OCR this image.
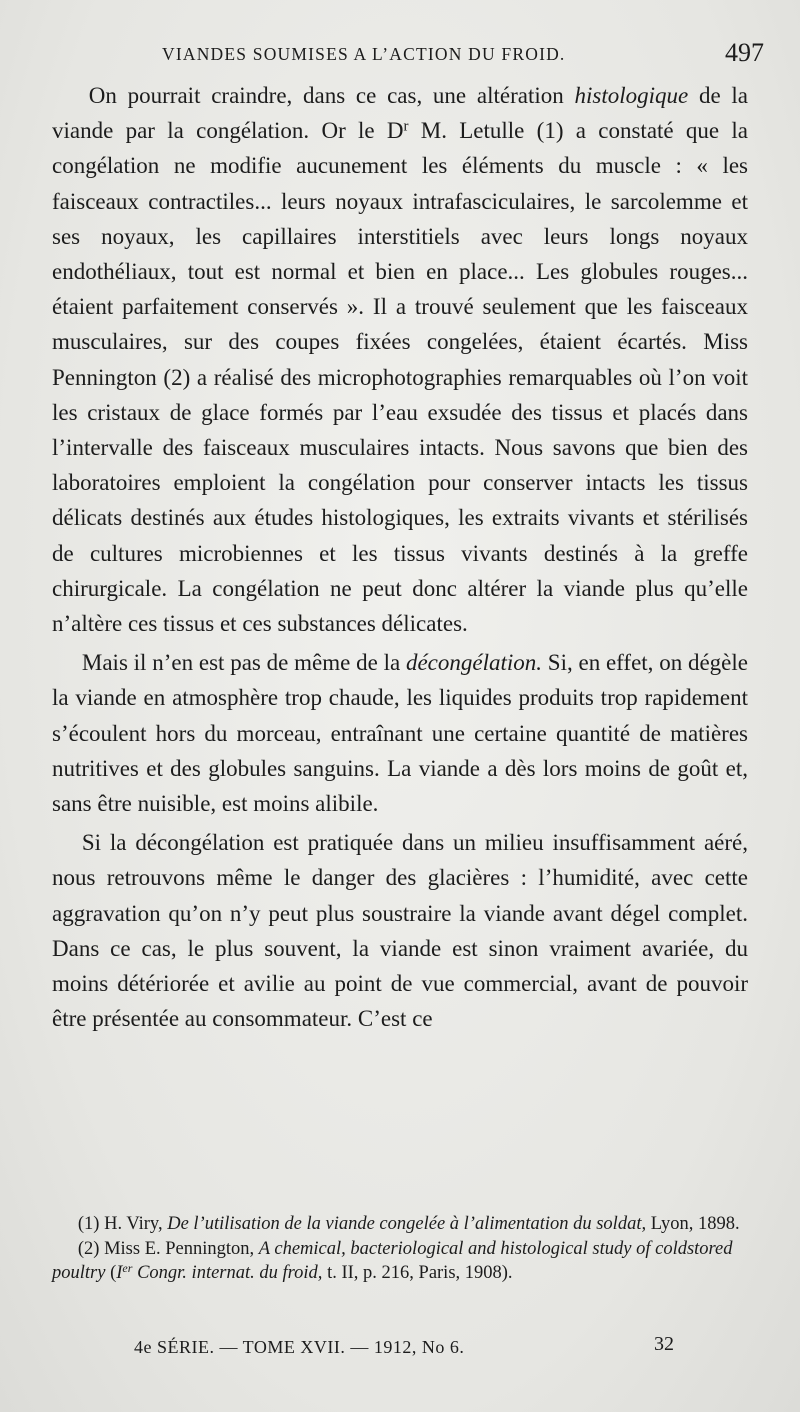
VIANDES SOUMISES A L’ACTION DU FROID.	497

On pourrait craindre, dans ce cas, une altération histologique de la viande par la congélation. Or le $D^r$ M. Letulle (1) a constaté que la congélation ne modifie aucunement les éléments du muscle : « les faisceaux contractiles... leurs noyaux intrafasciculaires, le sarcolemme et ses noyaux, les capillaires interstitiels avec leurs longs noyaux endothéliaux, tout est normal et bien en place... Les globules rouges... étaient parfaitement conservés ». Il a trouvé seulement que les faisceaux musculaires, sur des coupes fixées congelées, étaient écartés. Miss Pennington (2) a réalisé des microphotographies remarquables où l’on voit les cristaux de glace formés par l’eau exsudée des tissus et placés dans l’intervalle des faisceaux musculaires intacts. Nous savons que bien des laboratoires emploient la congélation pour conserver intacts les tissus délicats destinés aux études histologiques, les extraits vivants et stérilisés de cultures microbiennes et les tissus vivants destinés à la greffe chirurgicale. La congélation ne peut donc altérer la viande plus qu’elle n’altère ces tissus et ces substances délicates.

Mais il n’en est pas de même de la décongélation. Si, en effet, on dégèle la viande en atmosphère trop chaude, les liquides produits trop rapidement s’écoulent hors du morceau, entraînant une certaine quantité de matières nutritives et des globules sanguins. La viande a dès lors moins de goût et, sans être nuisible, est moins alibile.

Si la décongélation est pratiquée dans un milieu insuffisamment aéré, nous retrouvons même le danger des glacières : l’humidité, avec cette aggravation qu’on n’y peut plus soustraire la viande avant dégel complet. Dans ce cas, le plus souvent, la viande est sinon vraiment avariée, du moins détériorée et avilie au point de vue commercial, avant de pouvoir être présentée au consommateur. C’est ce

(1) H. Viry, De l’utilisation de la viande congelée à l’alimentation du soldat, Lyon, 1898.

(2) Miss E. Pennington, A chemical, bacteriological and histological study of coldstored poultry (Ier Congr. internat. du froid, t. II, p. 216, Paris, 1908).

4e SÉRIE. — TOME XVII. — 1912, No 6.	32
